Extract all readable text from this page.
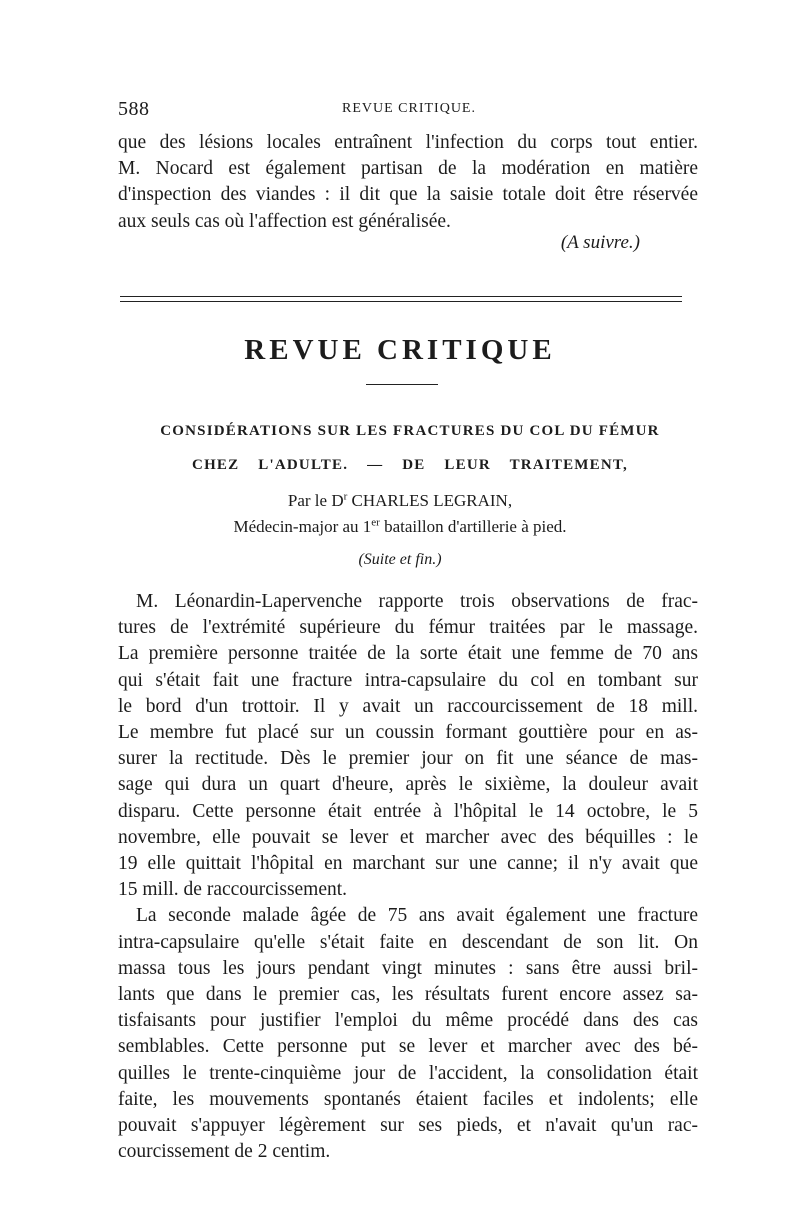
588	REVUE CRITIQUE.
que des lésions locales entraînent l'infection du corps tout entier.
M. Nocard est également partisan de la modération en matière
d'inspection des viandes : il dit que la saisie totale doit être réservée
aux seuls cas où l'affection est généralisée.
(A suivre.)
REVUE CRITIQUE
CONSIDÉRATIONS SUR LES FRACTURES DU COL DU FÉMUR
CHEZ L'ADULTE. — DE LEUR TRAITEMENT,
Par le $D^r$ CHARLES LEGRAIN,
Médecin-major au 1er bataillon d'artillerie à pied.
(Suite et fin.)
M. Léonardin-Lapervenche rapporte trois observations de frac-
tures de l'extrémité supérieure du fémur traitées par le massage.
La première personne traitée de la sorte était une femme de 70 ans
qui s'était fait une fracture intra-capsulaire du col en tombant sur
le bord d'un trottoir. Il y avait un raccourcissement de 18 mill.
Le membre fut placé sur un coussin formant gouttière pour en as-
surer la rectitude. Dès le premier jour on fit une séance de mas-
sage qui dura un quart d'heure, après le sixième, la douleur avait
disparu. Cette personne était entrée à l'hôpital le 14 octobre, le 5
novembre, elle pouvait se lever et marcher avec des béquilles : le
19 elle quittait l'hôpital en marchant sur une canne; il n'y avait que
15 mill. de raccourcissement.
La seconde malade âgée de 75 ans avait également une fracture
intra-capsulaire qu'elle s'était faite en descendant de son lit. On
massa tous les jours pendant vingt minutes : sans être aussi bril-
lants que dans le premier cas, les résultats furent encore assez sa-
tisfaisants pour justifier l'emploi du même procédé dans des cas
semblables. Cette personne put se lever et marcher avec des bé-
quilles le trente-cinquième jour de l'accident, la consolidation était
faite, les mouvements spontanés étaient faciles et indolents; elle
pouvait s'appuyer légèrement sur ses pieds, et n'avait qu'un rac-
courcissement de 2 centim.
